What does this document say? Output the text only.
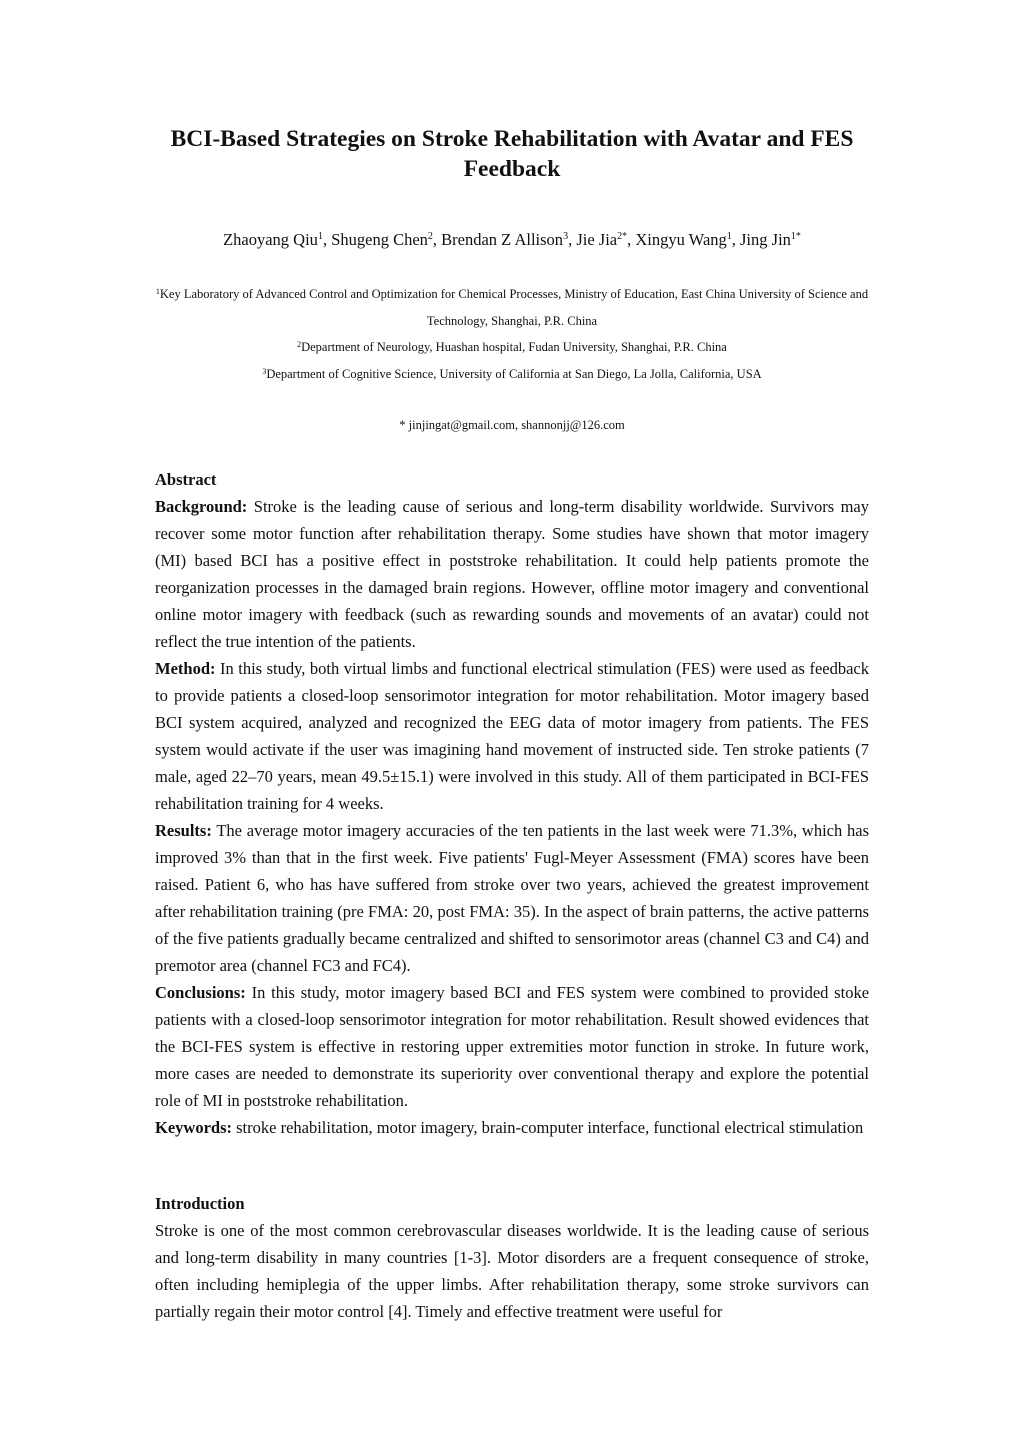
BCI-Based Strategies on Stroke Rehabilitation with Avatar and FES Feedback
Zhaoyang Qiu$^1$, Shugeng Chen$^2$, Brendan Z Allison$^3$, Jie Jia$^{2*}$, Xingyu Wang$^1$, Jing Jin$^{1*}$
$^1$Key Laboratory of Advanced Control and Optimization for Chemical Processes, Ministry of Education, East China University of Science and Technology, Shanghai, P.R. China
$^2$Department of Neurology, Huashan hospital, Fudan University, Shanghai, P.R. China
$^3$Department of Cognitive Science, University of California at San Diego, La Jolla, California, USA
* jinjingat@gmail.com, shannonjj@126.com
Abstract

Background: Stroke is the leading cause of serious and long-term disability worldwide. Survivors may recover some motor function after rehabilitation therapy. Some studies have shown that motor imagery (MI) based BCI has a positive effect in poststroke rehabilitation. It could help patients promote the reorganization processes in the damaged brain regions. However, offline motor imagery and conventional online motor imagery with feedback (such as rewarding sounds and movements of an avatar) could not reflect the true intention of the patients.

Method: In this study, both virtual limbs and functional electrical stimulation (FES) were used as feedback to provide patients a closed-loop sensorimotor integration for motor rehabilitation. Motor imagery based BCI system acquired, analyzed and recognized the EEG data of motor imagery from patients. The FES system would activate if the user was imagining hand movement of instructed side. Ten stroke patients (7 male, aged 22–70 years, mean 49.5±15.1) were involved in this study. All of them participated in BCI-FES rehabilitation training for 4 weeks.

Results: The average motor imagery accuracies of the ten patients in the last week were 71.3%, which has improved 3% than that in the first week. Five patients' Fugl-Meyer Assessment (FMA) scores have been raised. Patient 6, who has have suffered from stroke over two years, achieved the greatest improvement after rehabilitation training (pre FMA: 20, post FMA: 35). In the aspect of brain patterns, the active patterns of the five patients gradually became centralized and shifted to sensorimotor areas (channel C3 and C4) and premotor area (channel FC3 and FC4).

Conclusions: In this study, motor imagery based BCI and FES system were combined to provided stoke patients with a closed-loop sensorimotor integration for motor rehabilitation. Result showed evidences that the BCI-FES system is effective in restoring upper extremities motor function in stroke. In future work, more cases are needed to demonstrate its superiority over conventional therapy and explore the potential role of MI in poststroke rehabilitation.

Keywords: stroke rehabilitation, motor imagery, brain-computer interface, functional electrical stimulation

Introduction

Stroke is one of the most common cerebrovascular diseases worldwide. It is the leading cause of serious and long-term disability in many countries [1-3]. Motor disorders are a frequent consequence of stroke, often including hemiplegia of the upper limbs. After rehabilitation therapy, some stroke survivors can partially regain their motor control [4]. Timely and effective treatment were useful for
